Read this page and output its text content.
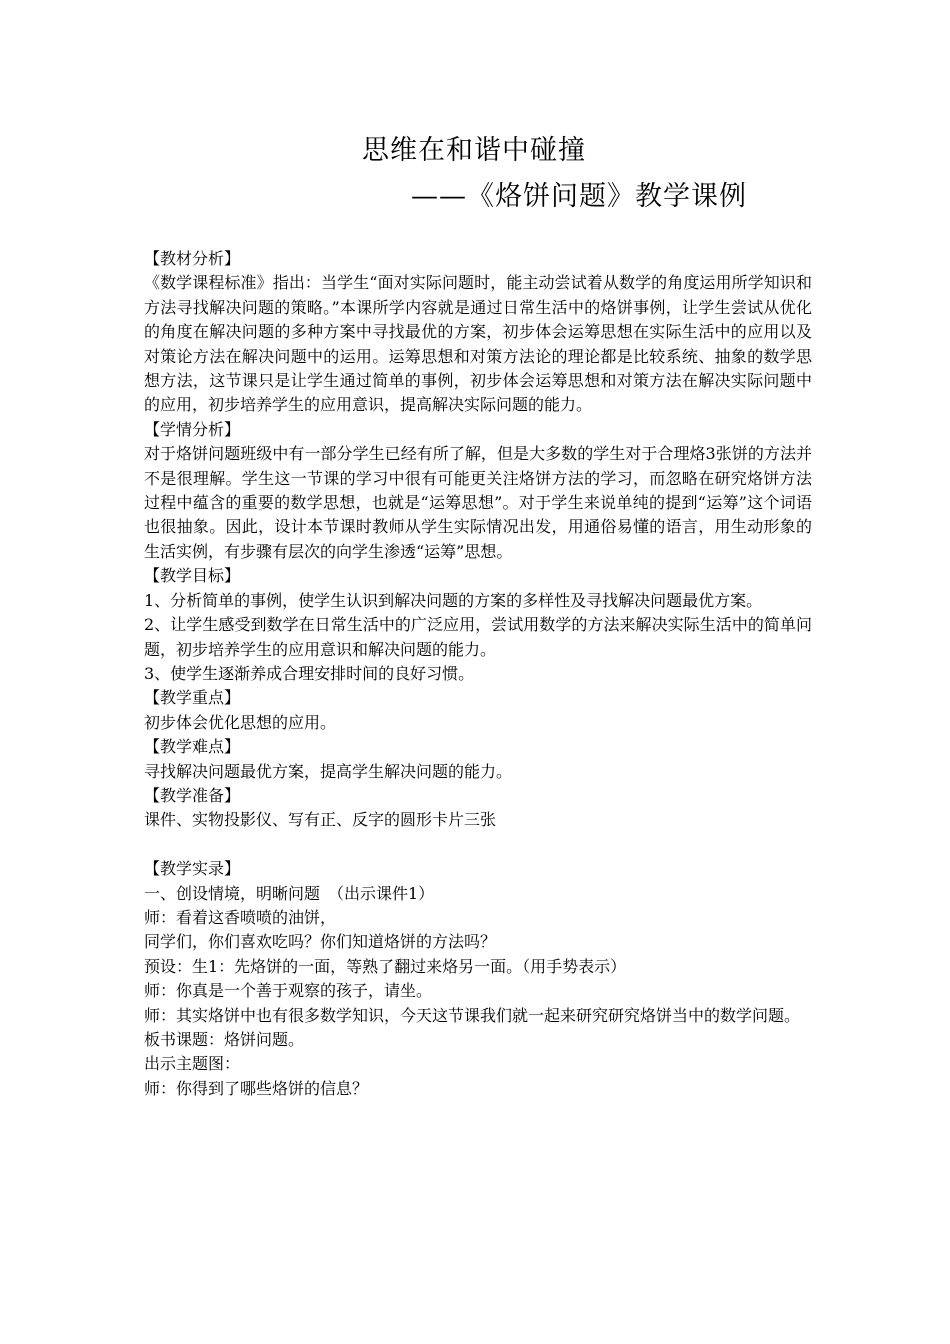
思维在和谐中碰撞
——《烙饼问题》教学课例

【教材分析】

《数学课程标准》指出：当学生“面对实际问题时，能主动尝试着从数学的角度运用所学知识和方法寻找解决问题的策略。”本课所学内容就是通过日常生活中的烙饼事例，让学生尝试从优化的角度在解决问题的多种方案中寻找最优的方案，初步体会运筹思想在实际生活中的应用以及对策论方法在解决问题中的运用。运筹思想和对策方法论的理论都是比较系统、抽象的数学思想方法，这节课只是让学生通过简单的事例，初步体会运筹思想和对策方法在解决实际问题中的应用，初步培养学生的应用意识，提高解决实际问题的能力。

【学情分析】

对于烙饼问题班级中有一部分学生已经有所了解，但是大多数的学生对于合理烙3张饼的方法并不是很理解。学生这一节课的学习中很有可能更关注烙饼方法的学习，而忽略在研究烙饼方法过程中蕴含的重要的数学思想，也就是“运筹思想”。对于学生来说单纯的提到“运筹”这个词语也很抽象。因此，设计本节课时教师从学生实际情况出发，用通俗易懂的语言，用生动形象的生活实例，有步骤有层次的向学生渗透“运筹”思想。

【教学目标】

1、分析简单的事例，使学生认识到解决问题的方案的多样性及寻找解决问题最优方案。

2、让学生感受到数学在日常生活中的广泛应用，尝试用数学的方法来解决实际生活中的简单问题，初步培养学生的应用意识和解决问题的能力。

3、使学生逐渐养成合理安排时间的良好习惯。

【教学重点】

初步体会优化思想的应用。

【教学难点】

寻找解决问题最优方案，提高学生解决问题的能力。

【教学准备】

课件、实物投影仪、写有正、反字的圆形卡片三张

【教学实录】

一、创设情境，明晰问题　（出示课件1）

师：看着这香喷喷的油饼，

同学们，你们喜欢吃吗？你们知道烙饼的方法吗？

预设：生1：先烙饼的一面，等熟了翻过来烙另一面。（用手势表示）

师：你真是一个善于观察的孩子，请坐。

师：其实烙饼中也有很多数学知识，今天这节课我们就一起来研究研究烙饼当中的数学问题。

板书课题：烙饼问题。

出示主题图：

师：你得到了哪些烙饼的信息？
